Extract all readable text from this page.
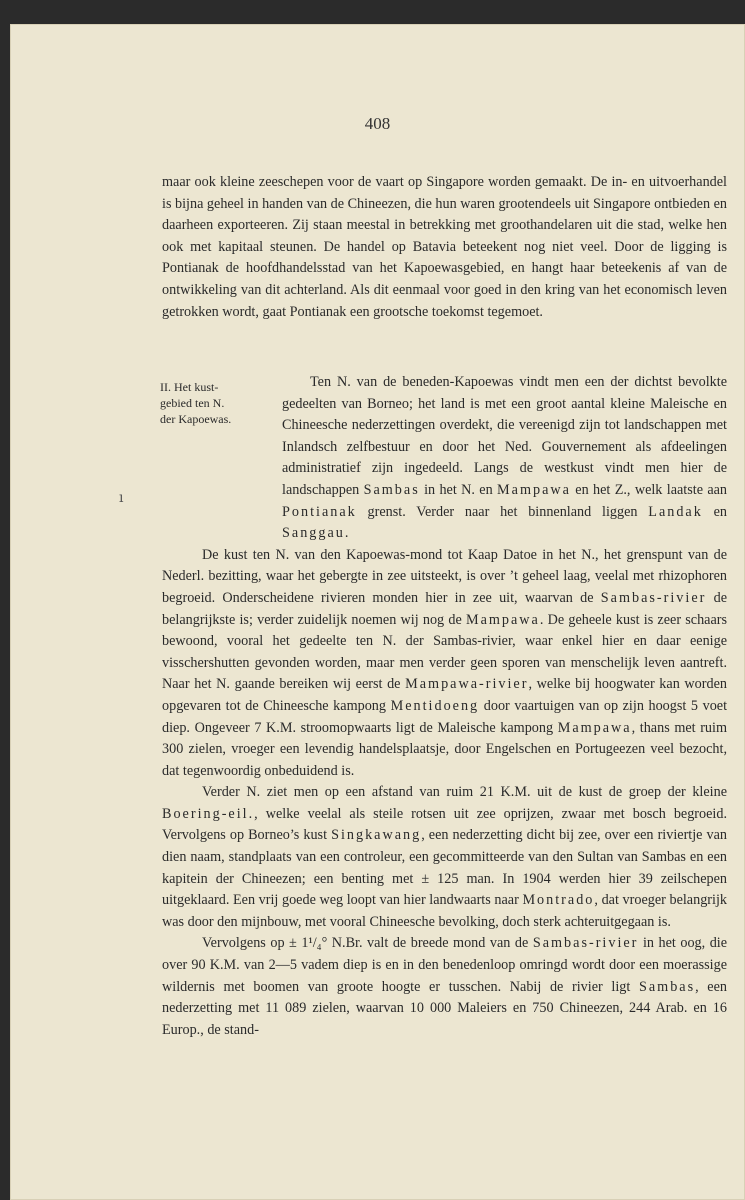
408

maar ook kleine zeeschepen voor de vaart op Singapore worden gemaakt. De in- en uitvoerhandel is bijna geheel in handen van de Chineezen, die hun waren grootendeels uit Singapore ontbieden en daarheen exporteeren. Zij staan meestal in betrekking met groothandelaren uit die stad, welke hen ook met kapitaal steunen. De handel op Batavia beteekent nog niet veel. Door de ligging is Pontianak de hoofdhandelsstad van het Kapoewasgebied, en hangt haar beteekenis af van de ontwikkeling van dit achterland. Als dit eenmaal voor goed in den kring van het economisch leven getrokken wordt, gaat Pontianak een grootsche toekomst tegemoet.

II. Het kust-
gebied ten N.
der Kapoewas.

Ten N. van de beneden-Kapoewas vindt men een der dichtst bevolkte gedeelten van Borneo; het land is met een groot aantal kleine Maleische en Chineesche nederzettingen overdekt, die vereenigd zijn tot landschappen met Inlandsch zelfbestuur en door het Ned. Gouvernement als afdeelingen administratief zijn ingedeeld. Langs de westkust vindt men hier de landschappen Sambas in het N. en Mampawa en het Z., welk laatste aan Pontianak grenst. Verder naar het binnenland liggen Landak en Sanggau.

De kust ten N. van den Kapoewas-mond tot Kaap Datoe in het N., het grenspunt van de Nederl. bezitting, waar het gebergte in zee uitsteekt, is over ’t geheel laag, veelal met rhizophoren begroeid. Onderscheidene rivieren monden hier in zee uit, waarvan de Sambas-rivier de belangrijkste is; verder zuidelijk noemen wij nog de Mampawa. De geheele kust is zeer schaars bewoond, vooral het gedeelte ten N. der Sambas-rivier, waar enkel hier en daar eenige visschershutten gevonden worden, maar men verder geen sporen van menschelijk leven aantreft. Naar het N. gaande bereiken wij eerst de Mampawa-rivier, welke bij hoogwater kan worden opgevaren tot de Chineesche kampong Mentidoeng door vaartuigen van op zijn hoogst 5 voet diep. Ongeveer 7 K.M. stroomopwaarts ligt de Maleische kampong Mampawa, thans met ruim 300 zielen, vroeger een levendig handelsplaatsje, door Engelschen en Portugeezen veel bezocht, dat tegenwoordig onbeduidend is.

Verder N. ziet men op een afstand van ruim 21 K.M. uit de kust de groep der kleine Boering-eil., welke veelal als steile rotsen uit zee oprijzen, zwaar met bosch begroeid. Vervolgens op Borneo’s kust Singkawang, een nederzetting dicht bij zee, over een riviertje van dien naam, standplaats van een controleur, een gecommitteerde van den Sultan van Sambas en een kapitein der Chineezen; een benting met ± 125 man. In 1904 werden hier 39 zeilschepen uitgeklaard. Een vrij goede weg loopt van hier landwaarts naar Montrado, dat vroeger belangrijk was door den mijnbouw, met vooral Chineesche bevolking, doch sterk achteruitgegaan is.

Vervolgens op ± 1¹/₄° N.Br. valt de breede mond van de Sambas-rivier in het oog, die over 90 K.M. van 2—5 vadem diep is en in den benedenloop omringd wordt door een moerassige wildernis met boomen van groote hoogte er tusschen. Nabij de rivier ligt Sambas, een nederzetting met 11 089 zielen, waarvan 10 000 Maleiers en 750 Chineezen, 244 Arab. en 16 Europ., de stand-

ı
